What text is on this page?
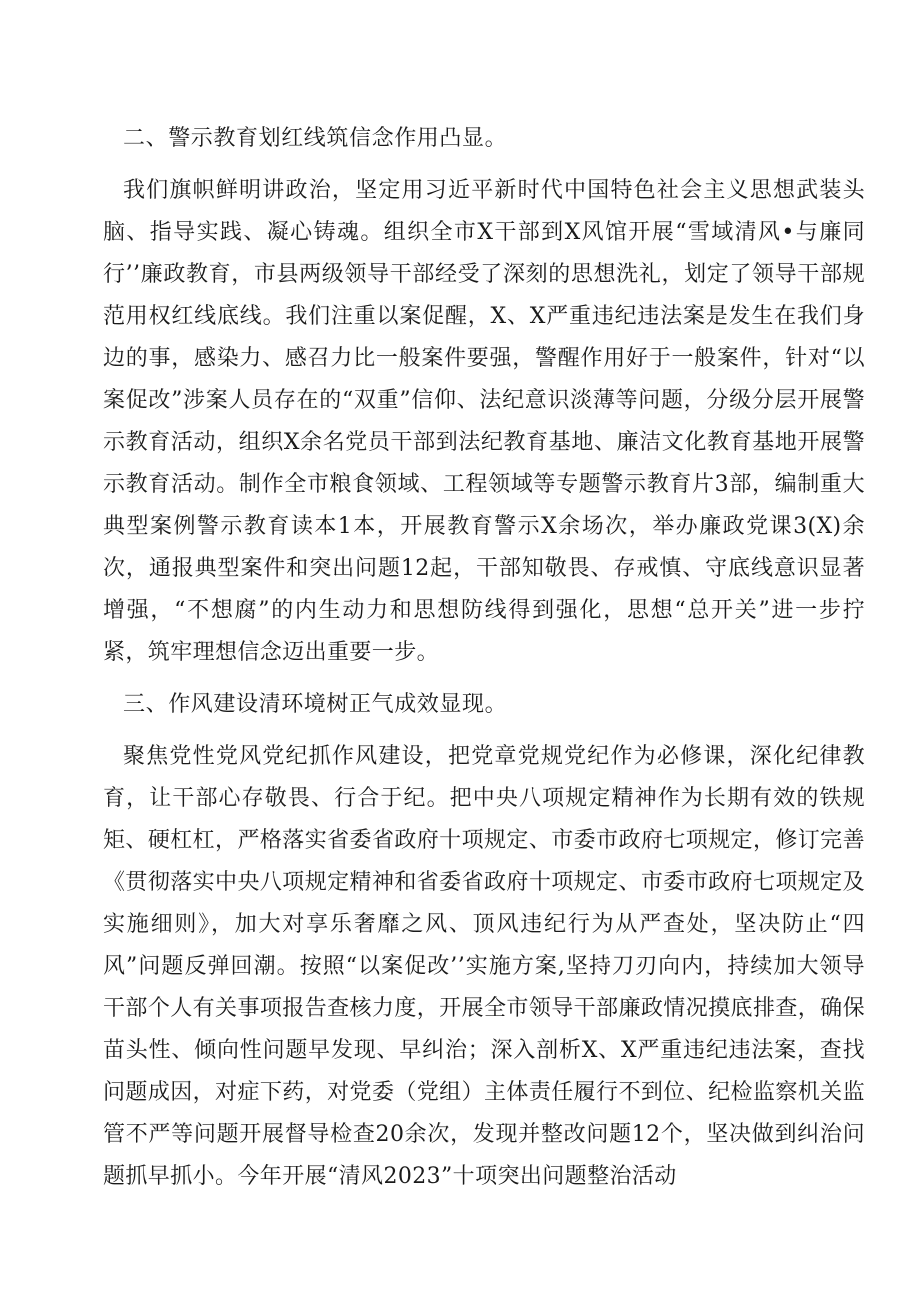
二、警示教育划红线筑信念作用凸显。

我们旗帜鲜明讲政治，坚定用习近平新时代中国特色社会主义思想武装头脑、指导实践、凝心铸魂。组织全市X干部到X风馆开展“雪域清风•与廉同行’’廉政教育，市县两级领导干部经受了深刻的思想洗礼，划定了领导干部规范用权红线底线。我们注重以案促醒，X、X严重违纪违法案是发生在我们身边的事，感染力、感召力比一般案件要强，警醒作用好于一般案件，针对“以案促改”涉案人员存在的“双重”信仰、法纪意识淡薄等问题，分级分层开展警示教育活动，组织X余名党员干部到法纪教育基地、廉洁文化教育基地开展警示教育活动。制作全市粮食领域、工程领域等专题警示教育片3部，编制重大典型案例警示教育读本1本，开展教育警示X余场次，举办廉政党课3(X)余次，通报典型案件和突出问题12起，干部知敬畏、存戒慎、守底线意识显著增强，“不想腐”的内生动力和思想防线得到强化，思想“总开关”进一步拧紧，筑牢理想信念迈出重要一步。

三、作风建设清环境树正气成效显现。

聚焦党性党风党纪抓作风建设，把党章党规党纪作为必修课，深化纪律教育，让干部心存敬畏、行合于纪。把中央八项规定精神作为长期有效的铁规矩、硬杠杠，严格落实省委省政府十项规定、市委市政府七项规定，修订完善《贯彻落实中央八项规定精神和省委省政府十项规定、市委市政府七项规定及实施细则》，加大对享乐奢靡之风、顶风违纪行为从严查处，坚决防止“四风”问题反弹回潮。按照“以案促改’’实施方案,坚持刀刃向内，持续加大领导干部个人有关事项报告查核力度，开展全市领导干部廉政情况摸底排查，确保苗头性、倾向性问题早发现、早纠治；深入剖析X、X严重违纪违法案，查找问题成因，对症下药，对党委（党组）主体责任履行不到位、纪检监察机关监管不严等问题开展督导检查20余次，发现并整改问题12个，坚决做到纠治问题抓早抓小。今年开展“清风2023”十项突出问题整治活动
